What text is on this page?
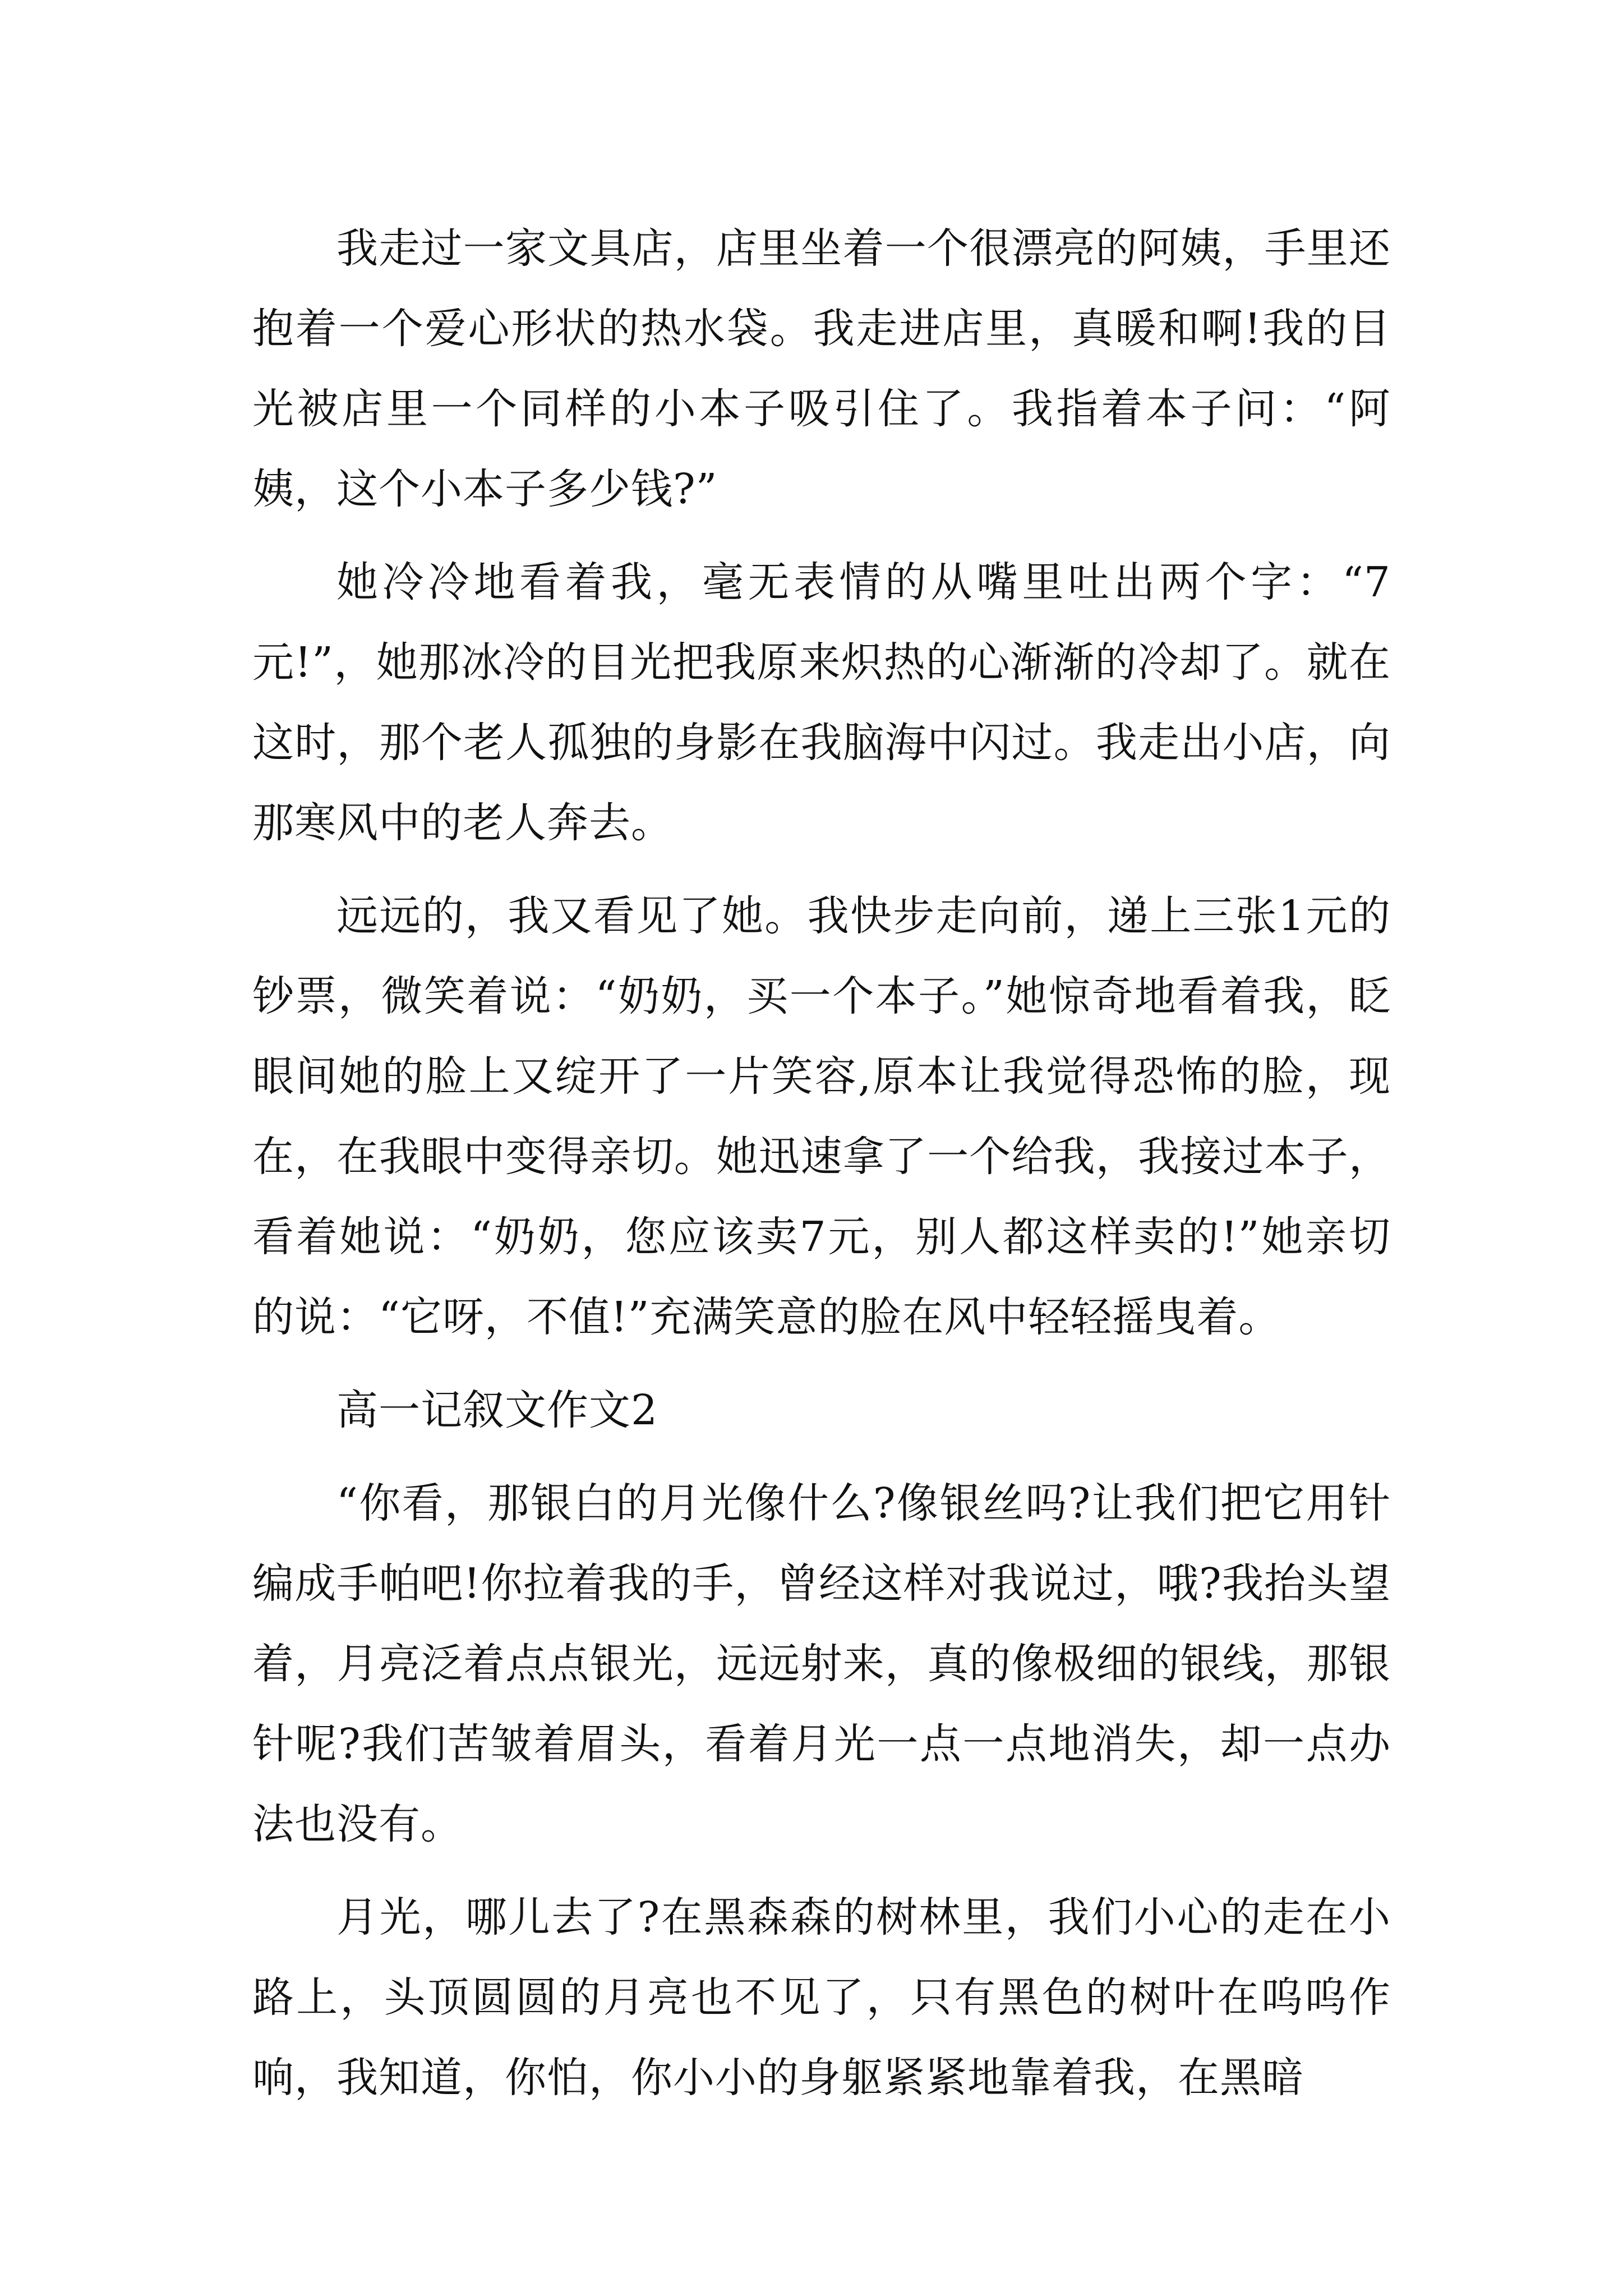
我走过一家文具店，店里坐着一个很漂亮的阿姨，手里还抱着一个爱心形状的热水袋。我走进店里，真暖和啊!我的目光被店里一个同样的小本子吸引住了。我指着本子问：“阿姨，这个小本子多少钱?”

她冷冷地看着我，毫无表情的从嘴里吐出两个字：“7元!”，她那冰冷的目光把我原来炽热的心渐渐的冷却了。就在这时，那个老人孤独的身影在我脑海中闪过。我走出小店，向那寒风中的老人奔去。

远远的，我又看见了她。我快步走向前，递上三张1元的钞票，微笑着说：“奶奶，买一个本子。”她惊奇地看着我，眨眼间她的脸上又绽开了一片笑容,原本让我觉得恐怖的脸，现在，在我眼中变得亲切。她迅速拿了一个给我，我接过本子，看着她说：“奶奶，您应该卖7元，别人都这样卖的!”她亲切的说：“它呀，不值!”充满笑意的脸在风中轻轻摇曳着。

高一记叙文作文2

“你看，那银白的月光像什么?像银丝吗?让我们把它用针编成手帕吧!你拉着我的手，曾经这样对我说过，哦?我抬头望着，月亮泛着点点银光，远远射来，真的像极细的银线，那银针呢?我们苦皱着眉头，看着月光一点一点地消失，却一点办法也没有。

月光，哪儿去了?在黑森森的树林里，我们小心的走在小路上，头顶圆圆的月亮也不见了，只有黑色的树叶在呜呜作响，我知道，你怕，你小小的身躯紧紧地靠着我，在黑暗
